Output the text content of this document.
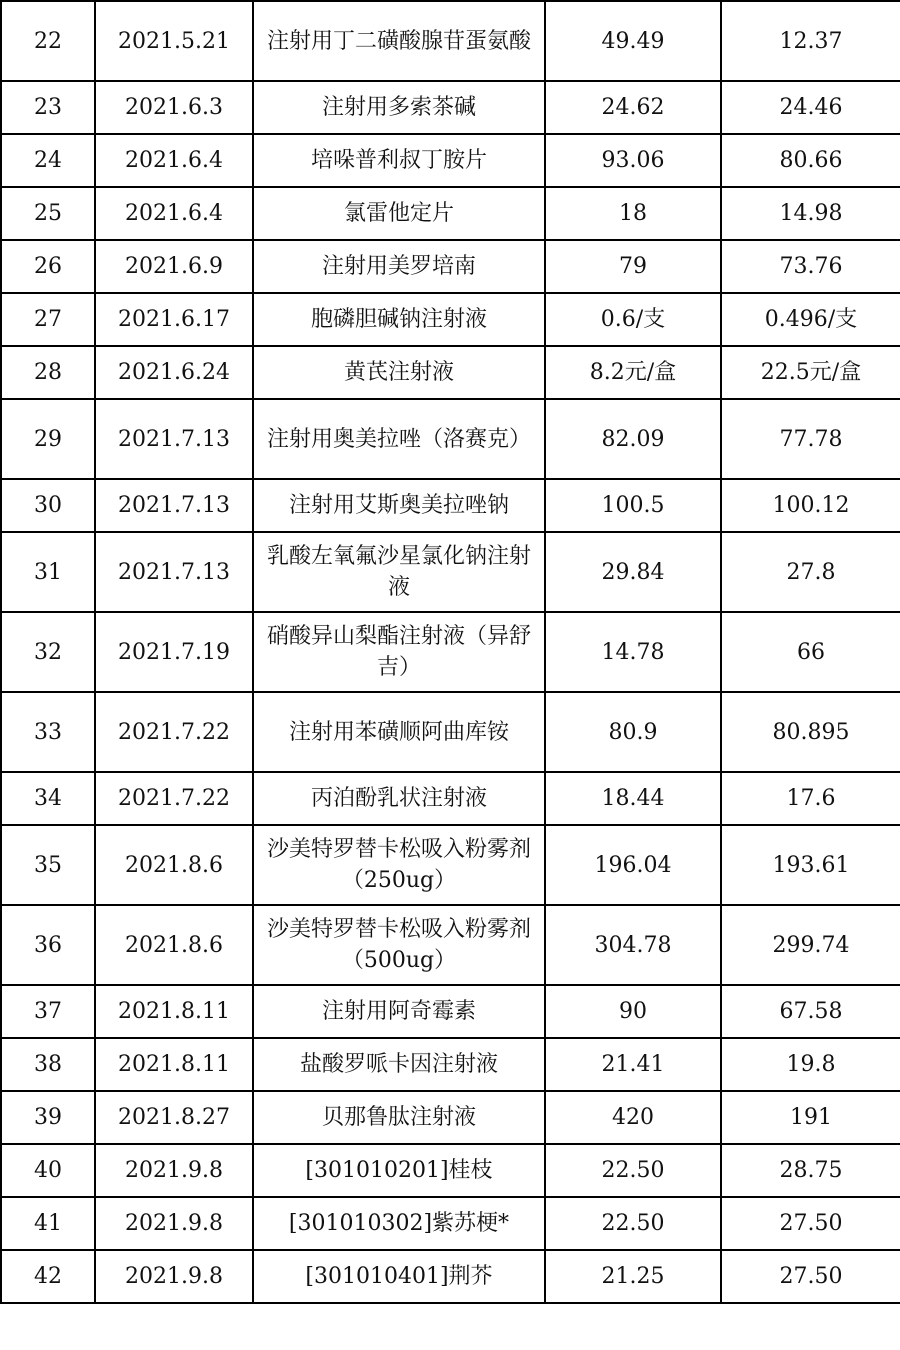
22	2021.5.21	注射用丁二磺酸腺苷蛋氨酸	49.49	12.37
23	2021.6.3	注射用多索茶碱	24.62	24.46
24	2021.6.4	培哚普利叔丁胺片	93.06	80.66
25	2021.6.4	氯雷他定片	18	14.98
26	2021.6.9	注射用美罗培南	79	73.76
27	2021.6.17	胞磷胆碱钠注射液	0.6/支	0.496/支
28	2021.6.24	黄芪注射液	8.2元/盒	22.5元/盒
29	2021.7.13	注射用奥美拉唑（洛赛克）	82.09	77.78
30	2021.7.13	注射用艾斯奥美拉唑钠	100.5	100.12
31	2021.7.13	乳酸左氧氟沙星氯化钠注射液	29.84	27.8
32	2021.7.19	硝酸异山梨酯注射液（异舒吉）	14.78	66
33	2021.7.22	注射用苯磺顺阿曲库铵	80.9	80.895
34	2021.7.22	丙泊酚乳状注射液	18.44	17.6
35	2021.8.6	沙美特罗替卡松吸入粉雾剂（250ug）	196.04	193.61
36	2021.8.6	沙美特罗替卡松吸入粉雾剂（500ug）	304.78	299.74
37	2021.8.11	注射用阿奇霉素	90	67.58
38	2021.8.11	盐酸罗哌卡因注射液	21.41	19.8
39	2021.8.27	贝那鲁肽注射液	420	191
40	2021.9.8	[301010201]桂枝	22.50	28.75
41	2021.9.8	[301010302]紫苏梗*	22.50	27.50
42	2021.9.8	[301010401]荆芥	21.25	27.50
